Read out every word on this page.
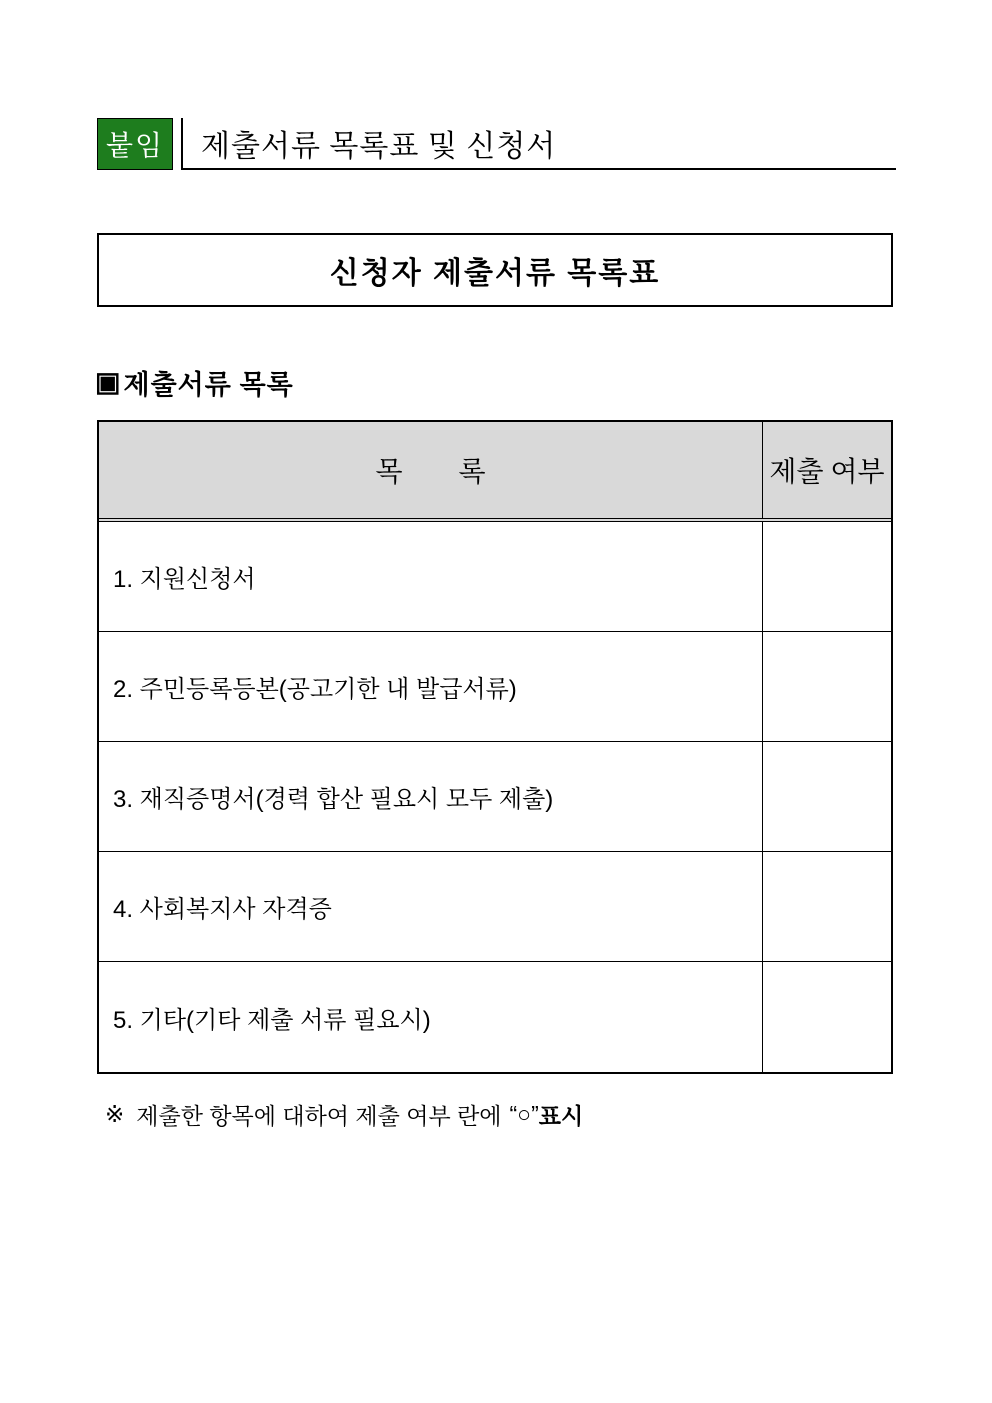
붙임 제출서류 목록표 및 신청서
신청자 제출서류 목록표
▣ 제출서류 목록
목　　록	제출 여부
1. 지원신청서
2. 주민등록등본(공고기한 내 발급서류)
3. 재직증명서(경력 합산 필요시 모두 제출)
4. 사회복지사 자격증
5. 기타(기타 제출 서류 필요시)
※ 제출한 항목에 대하여 제출 여부 란에 “○” 표시
